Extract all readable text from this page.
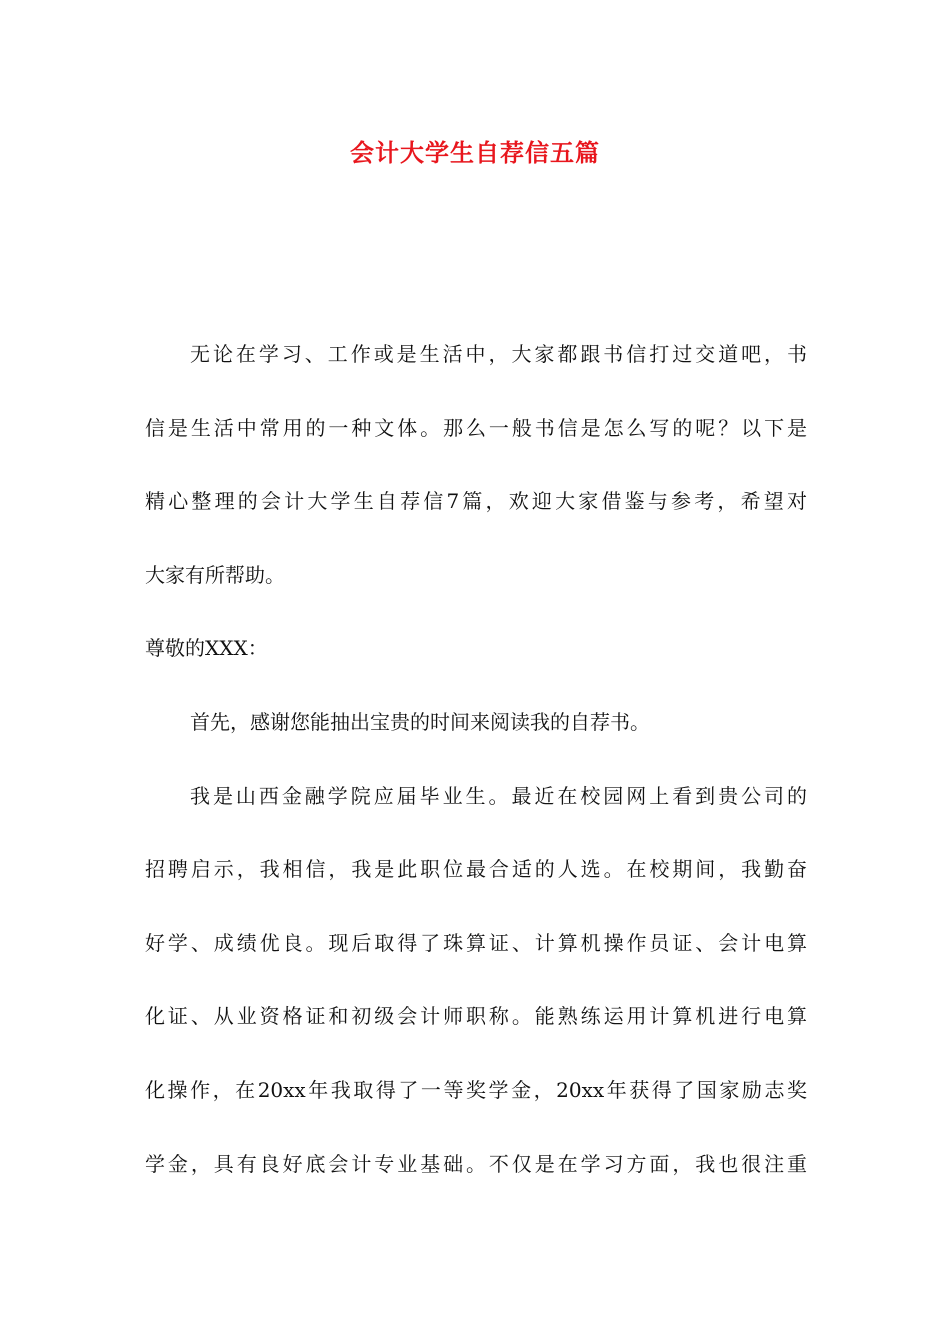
会计大学生自荐信五篇
无论在学习、工作或是生活中，大家都跟书信打过交道吧，书
信是生活中常用的一种文体。那么一般书信是怎么写的呢？以下是
精心整理的会计大学生自荐信7篇，欢迎大家借鉴与参考，希望对
大家有所帮助。
尊敬的XXX：
首先，感谢您能抽出宝贵的时间来阅读我的自荐书。
我是山西金融学院应届毕业生。最近在校园网上看到贵公司的
招聘启示，我相信，我是此职位最合适的人选。在校期间，我勤奋
好学、成绩优良。现后取得了珠算证、计算机操作员证、会计电算
化证、从业资格证和初级会计师职称。能熟练运用计算机进行电算
化操作，在20xx年我取得了一等奖学金，20xx年获得了国家励志奖
学金，具有良好底会计专业基础。不仅是在学习方面，我也很注重
